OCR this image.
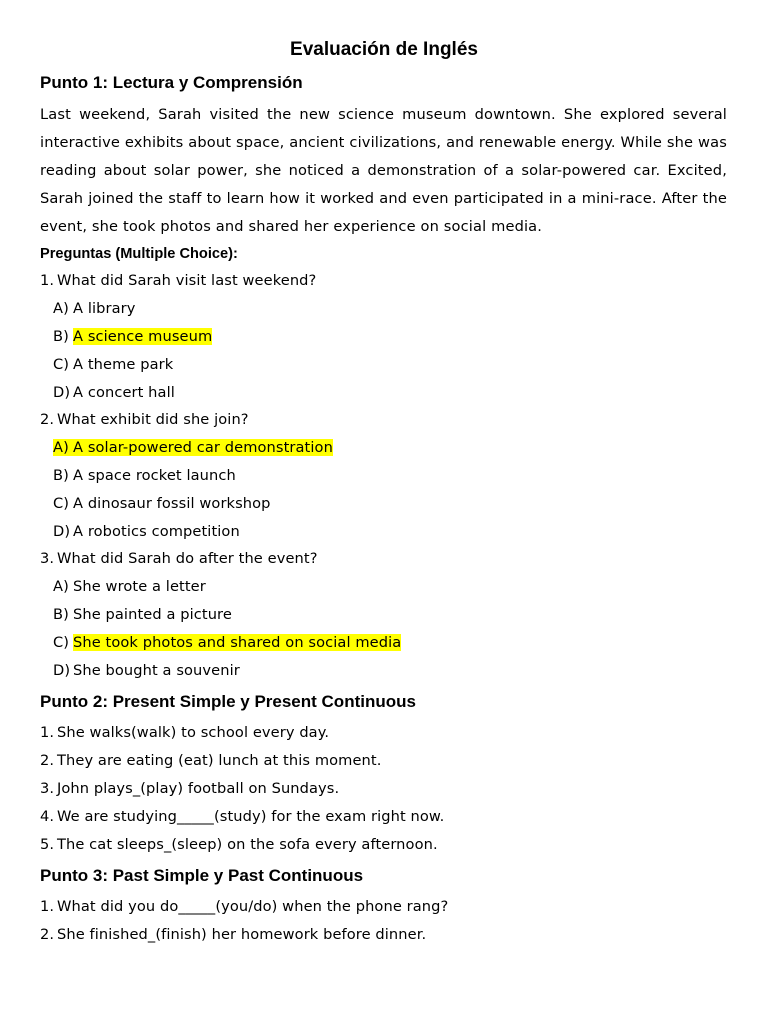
Evaluación de Inglés
Punto 1: Lectura y Comprensión

Last weekend, Sarah visited the new science museum downtown. She explored several interactive exhibits about space, ancient civilizations, and renewable energy. While she was reading about solar power, she noticed a demonstration of a solar-powered car. Excited, Sarah joined the staff to learn how it worked and even participated in a mini-race. After the event, she took photos and shared her experience on social media.

Preguntas (Multiple Choice):
1. What did Sarah visit last weekend?
A) A library
B) A science museum
C) A theme park
D) A concert hall
2. What exhibit did she join?
A) A solar-powered car demonstration
B) A space rocket launch
C) A dinosaur fossil workshop
D) A robotics competition
3. What did Sarah do after the event?
A) She wrote a letter
B) She painted a picture
C) She took photos and shared on social media
D) She bought a souvenir
Punto 2: Present Simple y Present Continuous
1. She walks(walk) to school every day.
2. They are eating (eat) lunch at this moment.
3. John plays_(play) football on Sundays.
4. We are studying_____(study) for the exam right now.
5. The cat sleeps_(sleep) on the sofa every afternoon.
Punto 3: Past Simple y Past Continuous
1. What did you do_____(you/do) when the phone rang?
2. She finished_(finish) her homework before dinner.
